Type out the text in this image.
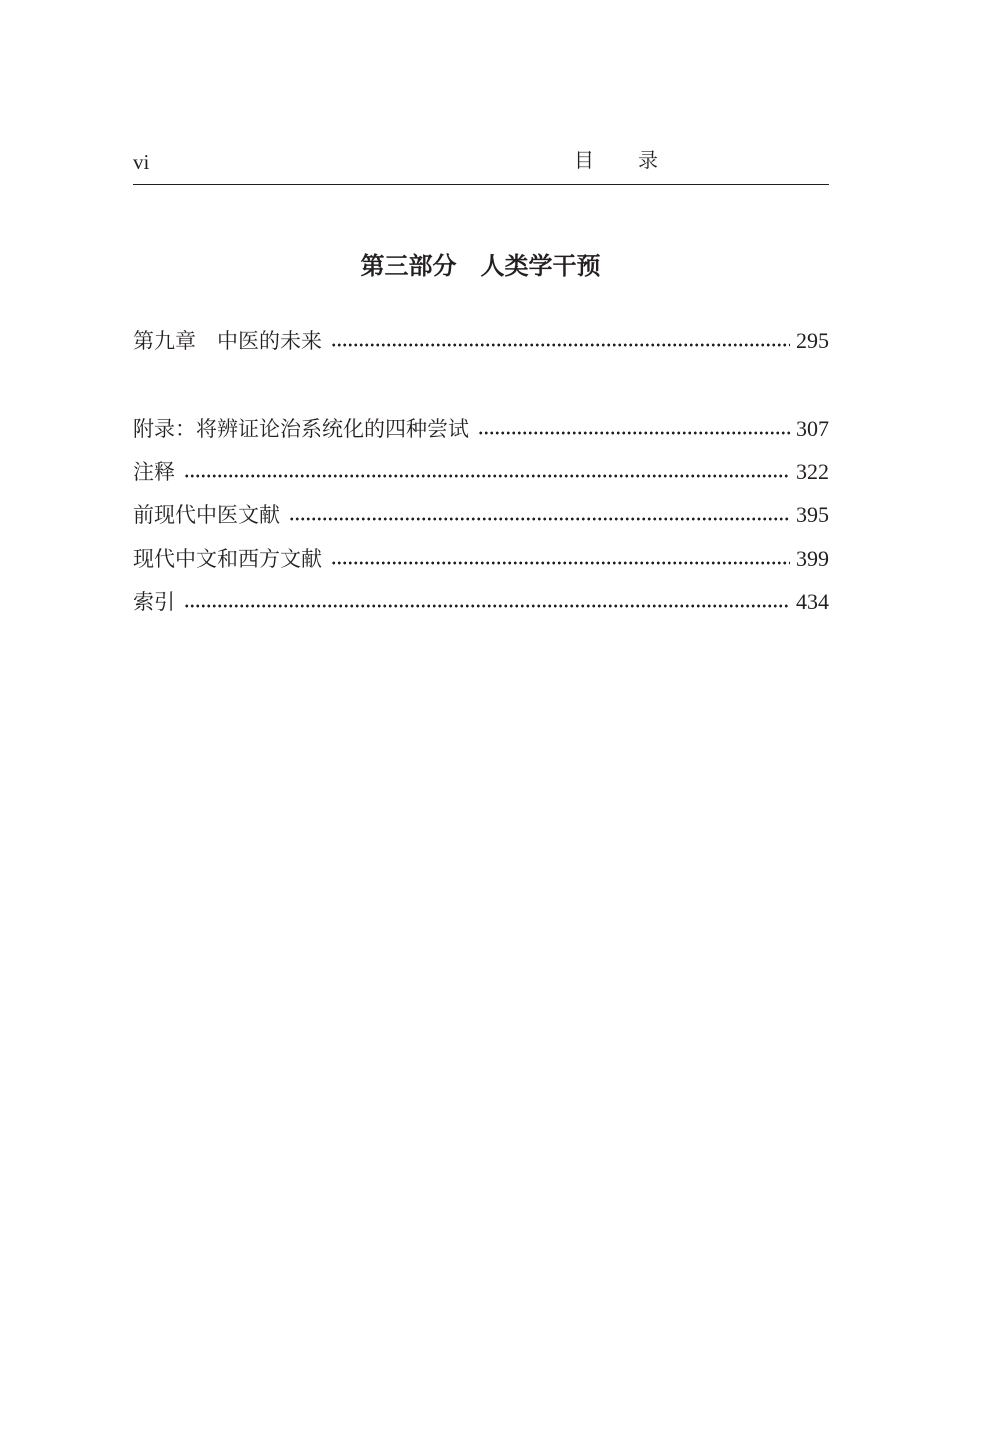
vi	目录
第三部分　人类学干预
第九章　中医的未来	295
附录：将辨证论治系统化的四种尝试	307
注释	322
前现代中医文献	395
现代中文和西方文献	399
索引	434
